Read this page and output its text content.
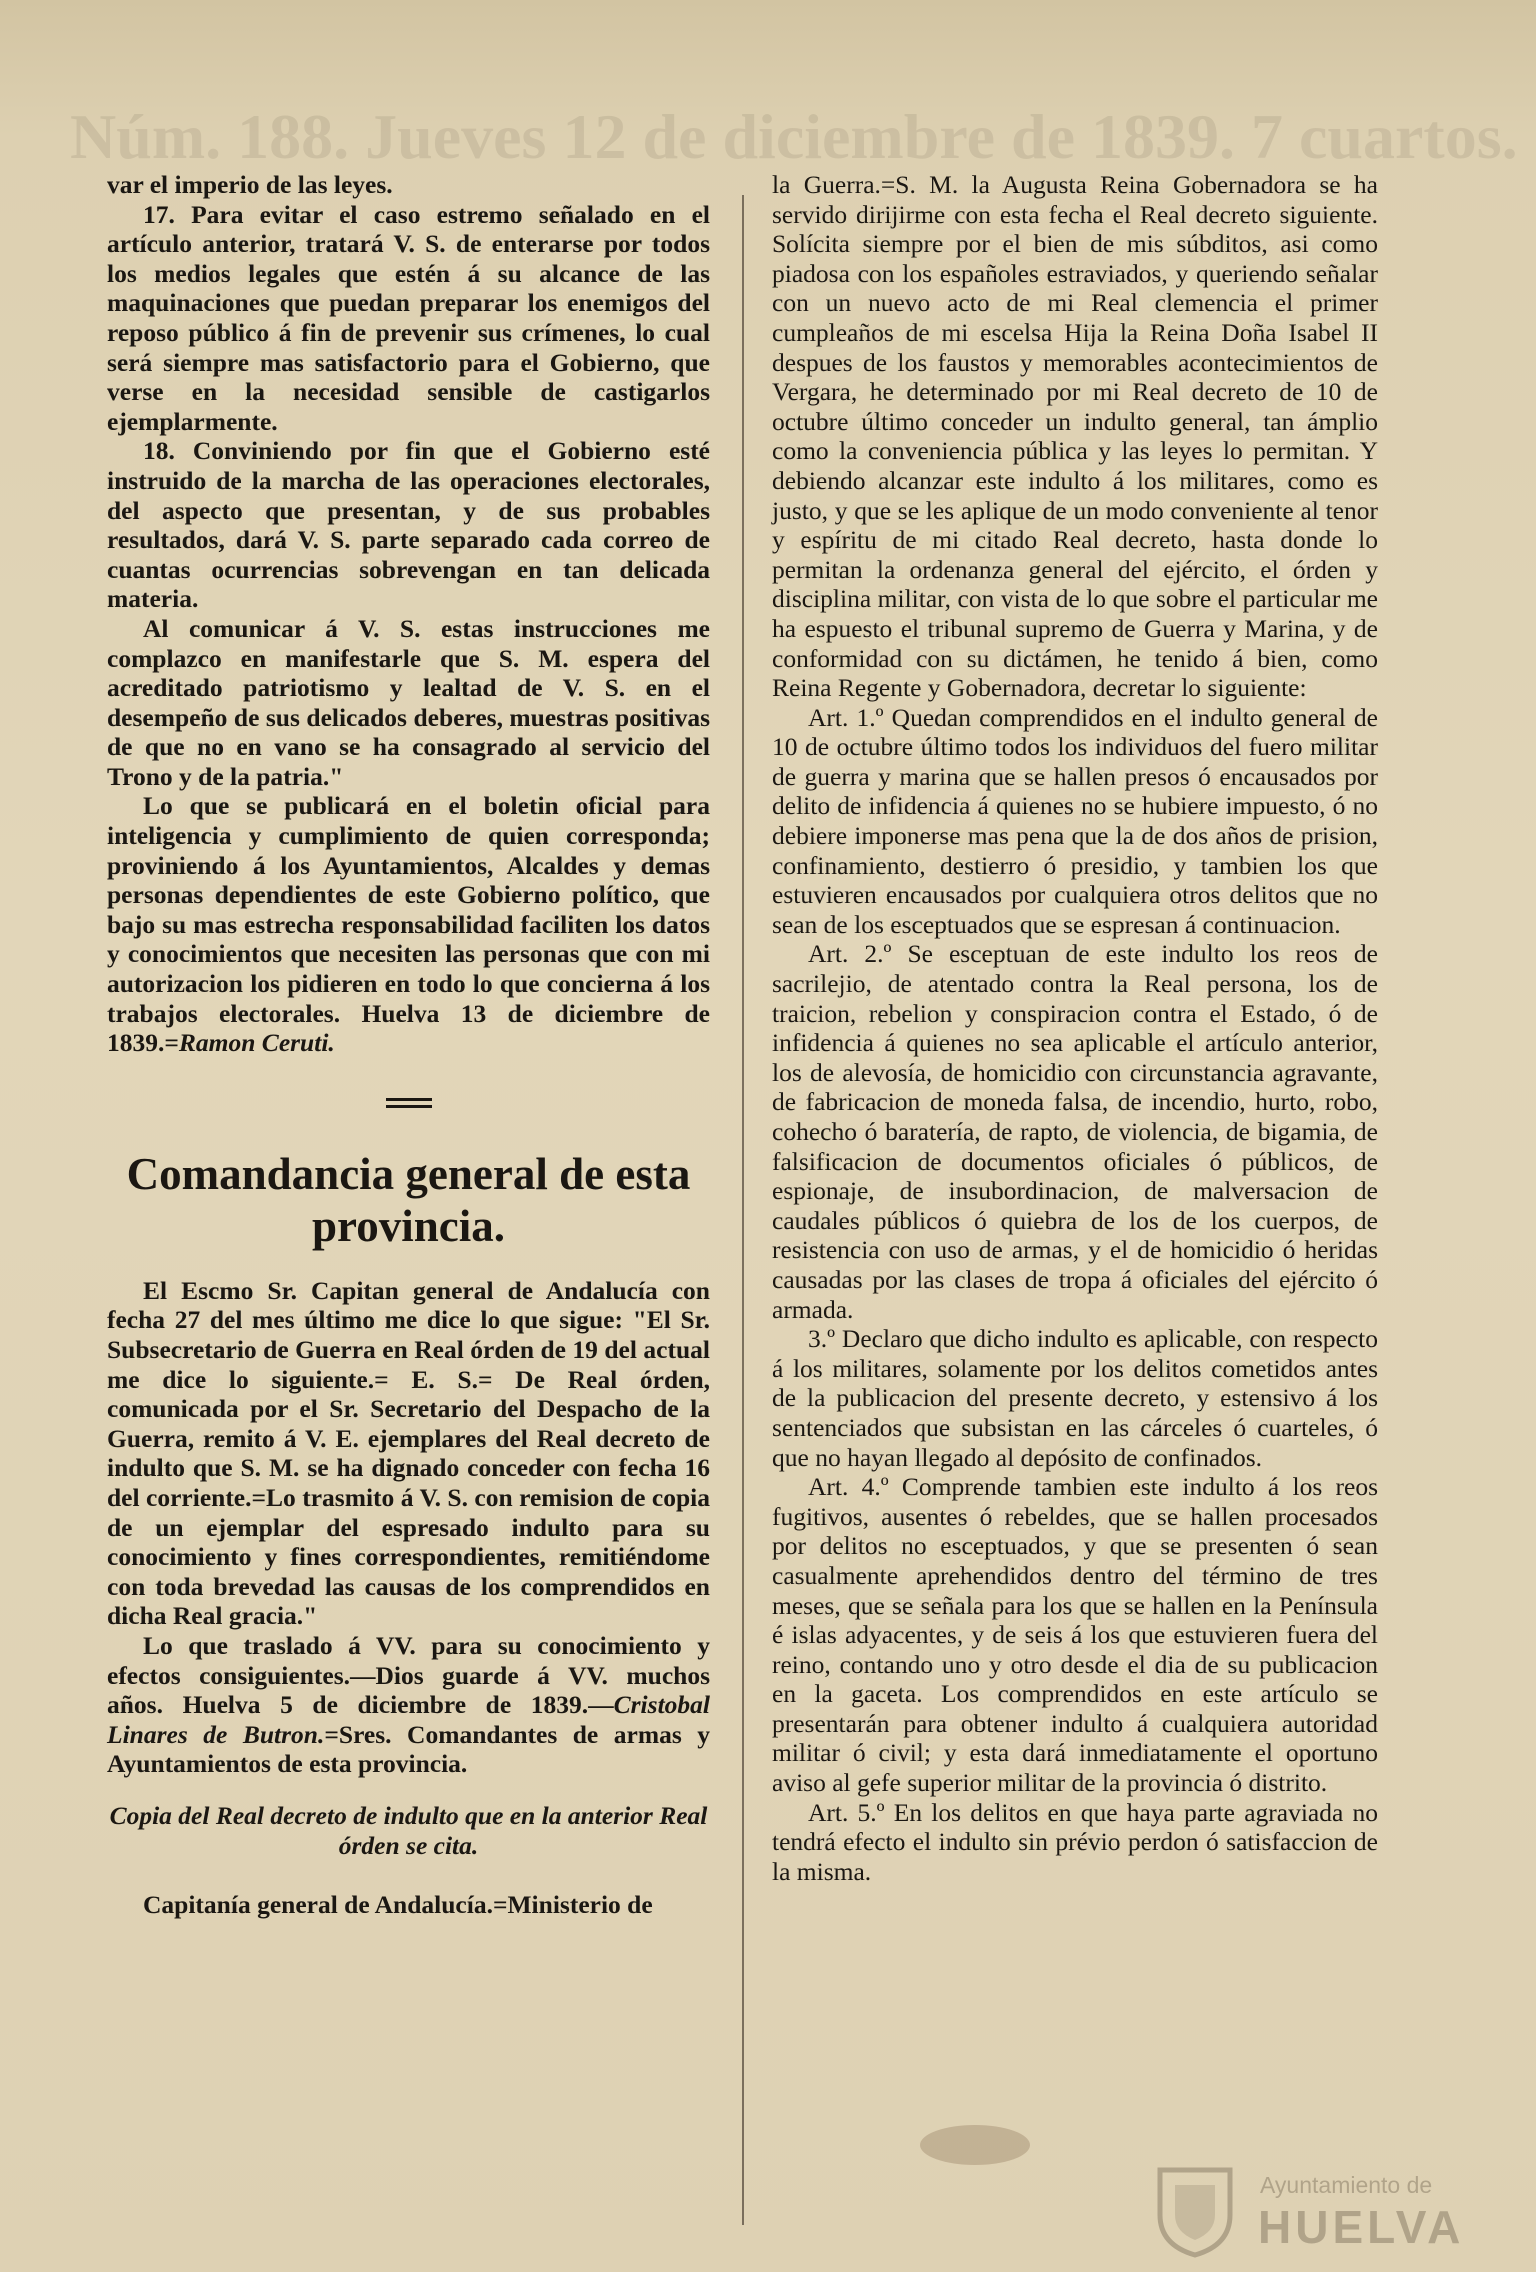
Núm. 188. Jueves 12 de diciembre de 1839. 7 cuartos.

var el imperio de las leyes.

17. Para evitar el caso estremo señalado en el artículo anterior, tratará V. S. de enterarse por todos los medios legales que estén á su alcance de las maquinaciones que puedan preparar los enemigos del reposo público á fin de prevenir sus crímenes, lo cual será siempre mas satisfactorio para el Gobierno, que verse en la necesidad sensible de castigarlos ejemplarmente.

18. Conviniendo por fin que el Gobierno esté instruido de la marcha de las operaciones electorales, del aspecto que presentan, y de sus probables resultados, dará V. S. parte separado cada correo de cuantas ocurrencias sobrevengan en tan delicada materia.

Al comunicar á V. S. estas instrucciones me complazco en manifestarle que S. M. espera del acreditado patriotismo y lealtad de V. S. en el desempeño de sus delicados deberes, muestras positivas de que no en vano se ha consagrado al servicio del Trono y de la patria."

Lo que se publicará en el boletin oficial para inteligencia y cumplimiento de quien corresponda; proviniendo á los Ayuntamientos, Alcaldes y demas personas dependientes de este Gobierno político, que bajo su mas estrecha responsabilidad faciliten los datos y conocimientos que necesiten las personas que con mi autorizacion los pidieren en todo lo que concierna á los trabajos electorales. Huelva 13 de diciembre de 1839.=Ramon Ceruti.

Comandancia general de esta provincia.

El Escmo Sr. Capitan general de Andalucía con fecha 27 del mes último me dice lo que sigue: "El Sr. Subsecretario de Guerra en Real órden de 19 del actual me dice lo siguiente.= E. S.= De Real órden, comunicada por el Sr. Secretario del Despacho de la Guerra, remito á V. E. ejemplares del Real decreto de indulto que S. M. se ha dignado conceder con fecha 16 del corriente.=Lo trasmito á V. S. con remision de copia de un ejemplar del espresado indulto para su conocimiento y fines correspondientes, remitiéndome con toda brevedad las causas de los comprendidos en dicha Real gracia."

Lo que traslado á VV. para su conocimiento y efectos consiguientes.—Dios guarde á VV. muchos años. Huelva 5 de diciembre de 1839.—Cristobal Linares de Butron.=Sres. Comandantes de armas y Ayuntamientos de esta provincia.

Copia del Real decreto de indulto que en la anterior Real órden se cita.

Capitanía general de Andalucía.=Ministerio de

la Guerra.=S. M. la Augusta Reina Gobernadora se ha servido dirijirme con esta fecha el Real decreto siguiente. Solícita siempre por el bien de mis súbditos, asi como piadosa con los españoles estraviados, y queriendo señalar con un nuevo acto de mi Real clemencia el primer cumpleaños de mi escelsa Hija la Reina Doña Isabel II despues de los faustos y memorables acontecimientos de Vergara, he determinado por mi Real decreto de 10 de octubre último conceder un indulto general, tan ámplio como la conveniencia pública y las leyes lo permitan. Y debiendo alcanzar este indulto á los militares, como es justo, y que se les aplique de un modo conveniente al tenor y espíritu de mi citado Real decreto, hasta donde lo permitan la ordenanza general del ejército, el órden y disciplina militar, con vista de lo que sobre el particular me ha espuesto el tribunal supremo de Guerra y Marina, y de conformidad con su dictámen, he tenido á bien, como Reina Regente y Gobernadora, decretar lo siguiente:

Art. 1.º Quedan comprendidos en el indulto general de 10 de octubre último todos los individuos del fuero militar de guerra y marina que se hallen presos ó encausados por delito de infidencia á quienes no se hubiere impuesto, ó no debiere imponerse mas pena que la de dos años de prision, confinamiento, destierro ó presidio, y tambien los que estuvieren encausados por cualquiera otros delitos que no sean de los esceptuados que se espresan á continuacion.

Art. 2.º Se esceptuan de este indulto los reos de sacrilejio, de atentado contra la Real persona, los de traicion, rebelion y conspiracion contra el Estado, ó de infidencia á quienes no sea aplicable el artículo anterior, los de alevosía, de homicidio con circunstancia agravante, de fabricacion de moneda falsa, de incendio, hurto, robo, cohecho ó baratería, de rapto, de violencia, de bigamia, de falsificacion de documentos oficiales ó públicos, de espionaje, de insubordinacion, de malversacion de caudales públicos ó quiebra de los de los cuerpos, de resistencia con uso de armas, y el de homicidio ó heridas causadas por las clases de tropa á oficiales del ejército ó armada.

3.º Declaro que dicho indulto es aplicable, con respecto á los militares, solamente por los delitos cometidos antes de la publicacion del presente decreto, y estensivo á los sentenciados que subsistan en las cárceles ó cuarteles, ó que no hayan llegado al depósito de confinados.

Art. 4.º Comprende tambien este indulto á los reos fugitivos, ausentes ó rebeldes, que se hallen procesados por delitos no esceptuados, y que se presenten ó sean casualmente aprehendidos dentro del término de tres meses, que se señala para los que se hallen en la Península é islas adyacentes, y de seis á los que estuvieren fuera del reino, contando uno y otro desde el dia de su publicacion en la gaceta. Los comprendidos en este artículo se presentarán para obtener indulto á cualquiera autoridad militar ó civil; y esta dará inmediatamente el oportuno aviso al gefe superior militar de la provincia ó distrito.

Art. 5.º En los delitos en que haya parte agraviada no tendrá efecto el indulto sin prévio perdon ó satisfaccion de la misma.

Ayuntamiento de
HUELVA
